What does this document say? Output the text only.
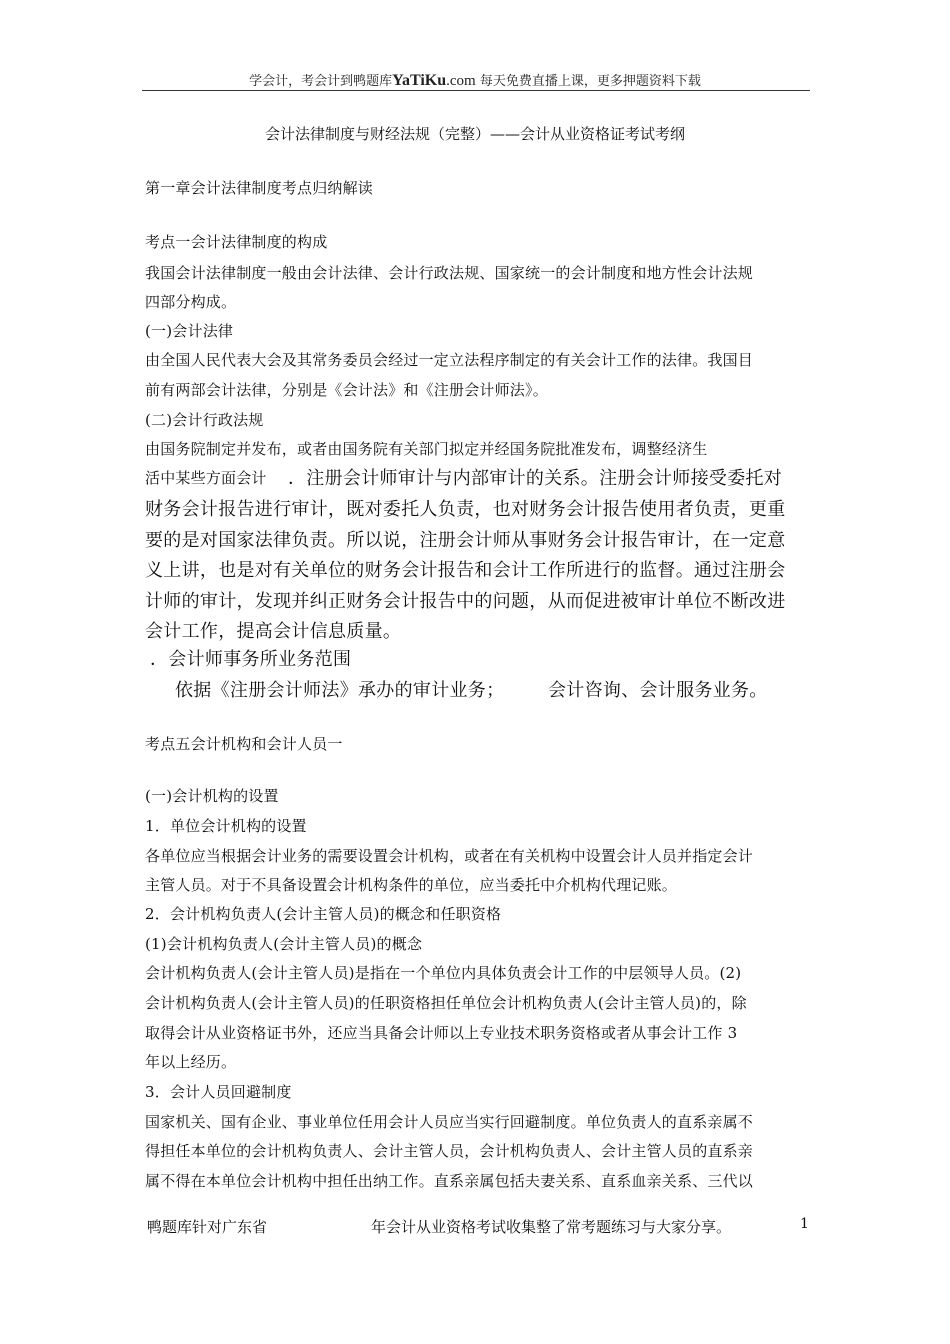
学会计，考会计到鸭题库YaTiKu.com 每天免费直播上课，更多押题资料下载
会计法律制度与财经法规（完整）——会计从业资格证考试考纲
第一章会计法律制度考点归纳解读
考点一会计法律制度的构成
我国会计法律制度一般由会计法律、会计行政法规、国家统一的会计制度和地方性会计法规
四部分构成。
(一)会计法律
由全国人民代表大会及其常务委员会经过一定立法程序制定的有关会计工作的法律。我国目
前有两部会计法律，分别是《会计法》和《注册会计师法》。
(二)会计行政法规
由国务院制定并发布，或者由国务院有关部门拟定并经国务院批准发布，调整经济生
活中某些方面会计 ．注册会计师审计与内部审计的关系。注册会计师接受委托对
财务会计报告进行审计，既对委托人负责，也对财务会计报告使用者负责，更重
要的是对国家法律负责。所以说，注册会计师从事财务会计报告审计，在一定意
义上讲，也是对有关单位的财务会计报告和会计工作所进行的监督。通过注册会
计师的审计，发现并纠正财务会计报告中的问题，从而促进被审计单位不断改进
会计工作，提高会计信息质量。
．会计师事务所业务范围
依据《注册会计师法》承办的审计业务； 会计咨询、会计服务业务。
考点五会计机构和会计人员一
(一)会计机构的设置
1．单位会计机构的设置
各单位应当根据会计业务的需要设置会计机构，或者在有关机构中设置会计人员并指定会计
主管人员。对于不具备设置会计机构条件的单位，应当委托中介机构代理记账。
2．会计机构负责人(会计主管人员)的概念和任职资格
(1)会计机构负责人(会计主管人员)的概念
会计机构负责人(会计主管人员)是指在一个单位内具体负责会计工作的中层领导人员。(2)
会计机构负责人(会计主管人员)的任职资格担任单位会计机构负责人(会计主管人员)的，除
取得会计从业资格证书外，还应当具备会计师以上专业技术职务资格或者从事会计工作 3
年以上经历。
3．会计人员回避制度
国家机关、国有企业、事业单位任用会计人员应当实行回避制度。单位负责人的直系亲属不
得担任本单位的会计机构负责人、会计主管人员，会计机构负责人、会计主管人员的直系亲
属不得在本单位会计机构中担任出纳工作。直系亲属包括夫妻关系、直系血亲关系、三代以
鸭题库针对广东省	年会计从业资格考试收集整了常考题练习与大家分享。	1
